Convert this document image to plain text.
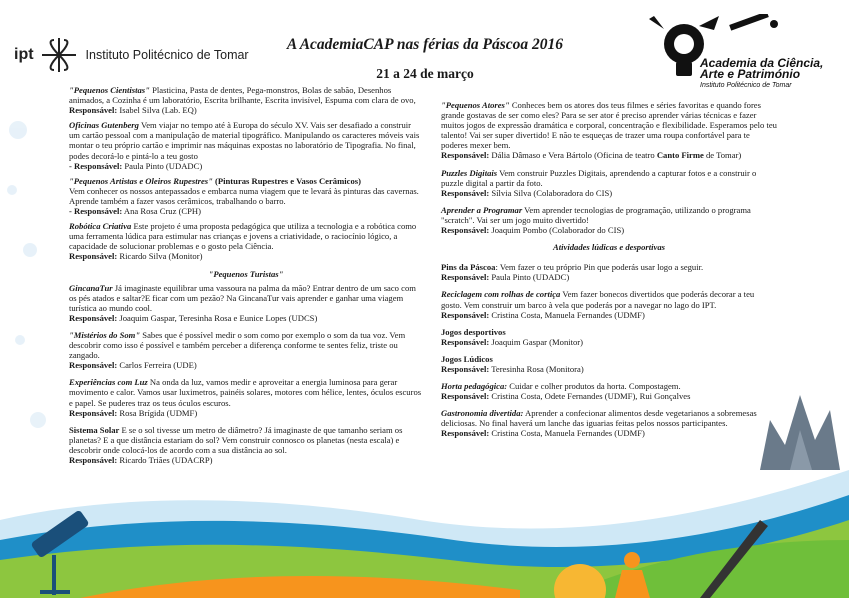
ipt	Instituto Politécnico de Tomar
A AcademiaCAP nas férias da Páscoa 2016
21 a 24 de março
Academia da Ciência,
Arte e Património
Instituto Politécnico de Tomar
"Pequenos Cientistas" Plasticina, Pasta de dentes, Pega-monstros, Bolas de sabão, Desenhos animados, a Cozinha é um laboratório, Escrita brilhante, Escrita invisível, Espuma com clara de ovo,
Responsável: Isabel Silva (Lab. EQ)
Oficinas Gutenberg Vem viajar no tempo até à Europa do século XV. Vais ser desafiado a construir um cartão pessoal com a manipulação de material tipográfico. Manipulando os caracteres móveis vais montar o teu próprio cartão e imprimir nas máquinas expostas no laboratório de Tipografia. No final, podes decorá-lo e pintá-lo a teu gosto
- Responsável: Paula Pinto (UDADC)
"Pequenos Artistas e Oleiros Rupestres" (Pinturas Rupestres e Vasos Cerâmicos)
Vem conhecer os nossos antepassados e embarca numa viagem que te levará às pinturas das cavernas. Aprende também a fazer vasos cerâmicos, trabalhando o barro.
- Responsável: Ana Rosa Cruz (CPH)
Robótica Criativa Este projeto é uma proposta pedagógica que utiliza a tecnologia e a robótica como uma ferramenta lúdica para estimular nas crianças e jovens a criatividade, o raciocínio lógico, a capacidade de solucionar problemas e o gosto pela Ciência.
Responsável: Ricardo Silva (Monitor)
"Pequenos Turistas"
GincanaTur Já imaginaste equilibrar uma vassoura na palma da mão? Entrar dentro de um saco com os pés atados e saltar?E ficar com um pezão? Na GincanaTur vais aprender e ganhar uma viagem turística ao mundo cool.
Responsável: Joaquim Gaspar, Teresinha Rosa e Eunice Lopes (UDCS)
"Mistérios do Som" Sabes que é possível medir o som como por exemplo o som da tua voz. Vem descobrir como isso é possível e também perceber a diferença conforme te sentes feliz, triste ou zangado.
Responsável: Carlos Ferreira (UDE)
Experiências com Luz Na onda da luz, vamos medir e aproveitar a energia luminosa para gerar movimento e calor. Vamos usar luximetros, painéis solares, motores com hélice, lentes, óculos escuros e papel. Se puderes traz os teus óculos escuros.
Responsável: Rosa Brígida (UDMF)
Sistema Solar E se o sol tivesse um metro de diâmetro? Já imaginaste de que tamanho seriam os planetas? E a que distância estariam do sol? Vem construir connosco os planetas (nesta escala) e descobrir onde colocá-los de acordo com a sua distância ao sol.
Responsável: Ricardo Triães (UDACRP)
"Pequenos Atores" Conheces bem os atores dos teus filmes e séries favoritas e quando fores grande gostavas de ser como eles? Para se ser ator é preciso aprender várias técnicas e fazer muitos jogos de expressão dramática e corporal, concentração e flexibilidade. Esperamos pelo teu talento! Vai ser super divertido! E não te esqueças de trazer uma roupa confortável para te poderes mexer bem.
Responsável: Dália Dâmaso e Vera Bártolo (Oficina de teatro Canto Firme de Tomar)
Puzzles Digitais Vem construir Puzzles Digitais, aprendendo a capturar fotos e a construir o puzzle digital a partir da foto.
Responsável: Sílvia Silva (Colaboradora do CIS)
Aprender a Programar Vem aprender tecnologias de programação, utilizando o programa "scratch". Vai ser um jogo muito divertido!
Responsável: Joaquim Pombo (Colaborador do CIS)
Atividades lúdicas e desportivas
Pins da Páscoa: Vem fazer o teu próprio Pin que poderás usar logo a seguir.
Responsável: Paula Pinto (UDADC)
Reciclagem com rolhas de cortiça Vem fazer bonecos divertidos que poderás decorar a teu gosto. Vem construir um barco à vela que poderás por a navegar no lago do IPT.
Responsável: Cristina Costa, Manuela Fernandes (UDMF)
Jogos desportivos
Responsável: Joaquim Gaspar (Monitor)
Jogos Lúdicos
Responsável: Teresinha Rosa (Monitora)
Horta pedagógica: Cuidar e colher produtos da horta. Compostagem.
Responsável: Cristina Costa, Odete Fernandes (UDMF), Rui Gonçalves
Gastronomia divertida: Aprender a confecionar alimentos desde vegetarianos a sobremesas deliciosas. No final haverá um lanche das iguarias feitas pelos nossos participantes.
Responsável: Cristina Costa, Manuela Fernandes (UDMF)
